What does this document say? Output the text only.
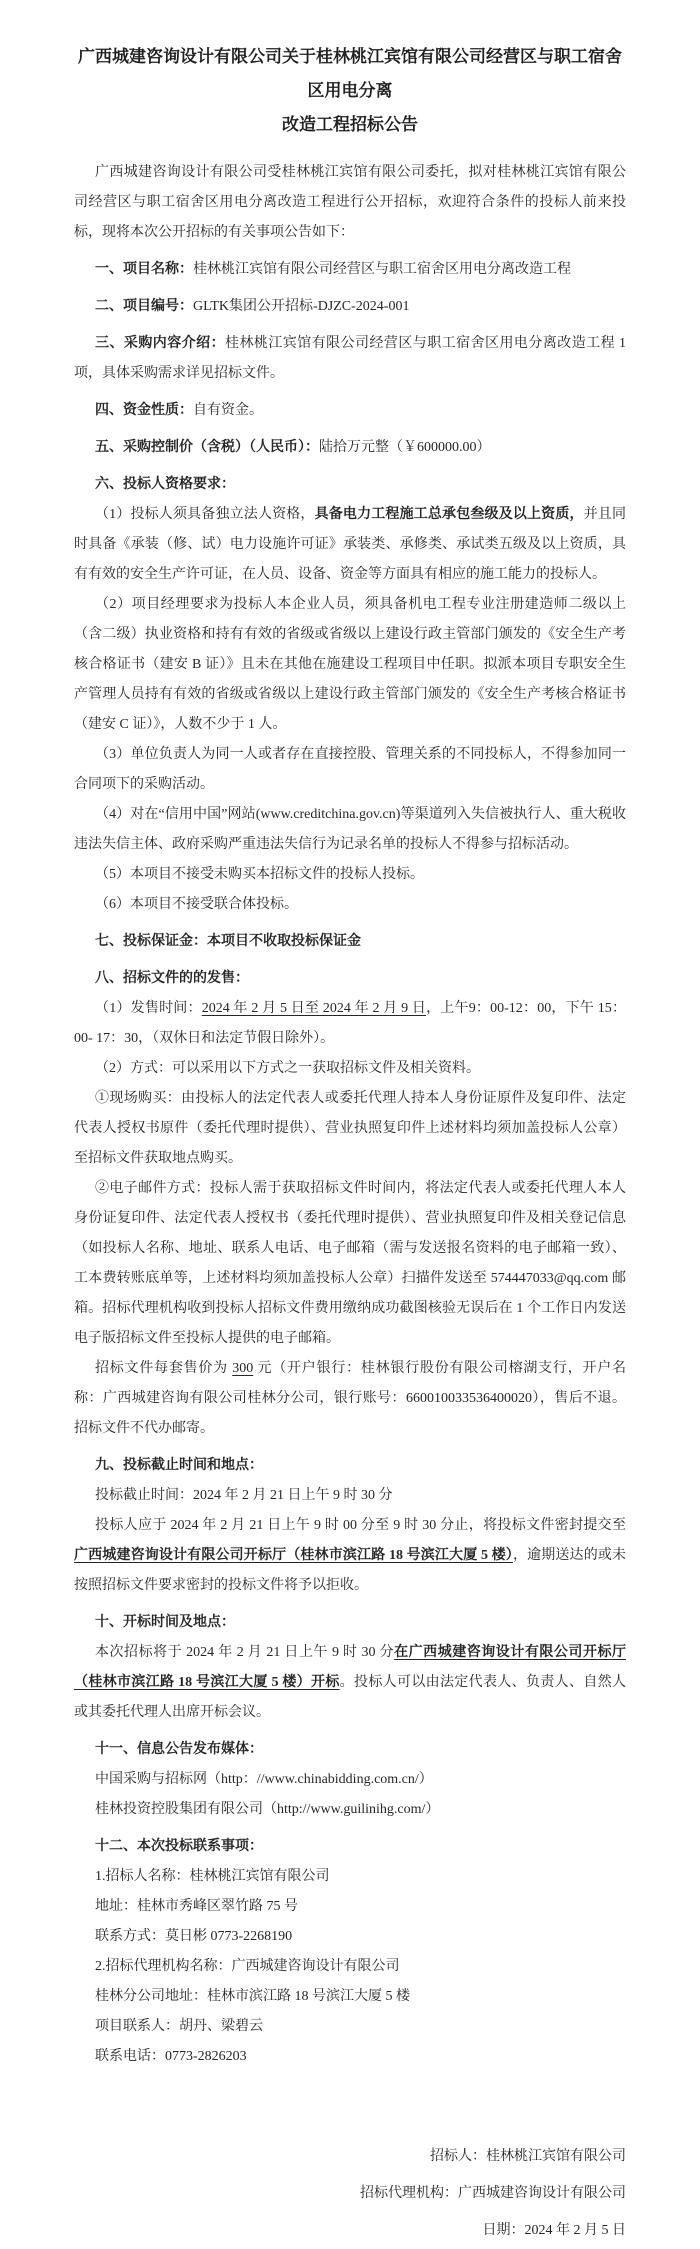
广西城建咨询设计有限公司关于桂林桃江宾馆有限公司经营区与职工宿舍区用电分离
改造工程招标公告
广西城建咨询设计有限公司受桂林桃江宾馆有限公司委托，拟对桂林桃江宾馆有限公司经营区与职工宿舍区用电分离改造工程进行公开招标，欢迎符合条件的投标人前来投标，现将本次公开招标的有关事项公告如下：
一、项目名称：桂林桃江宾馆有限公司经营区与职工宿舍区用电分离改造工程
二、项目编号：GLTK集团公开招标-DJZC-2024-001
三、采购内容介绍：桂林桃江宾馆有限公司经营区与职工宿舍区用电分离改造工程 1 项，具体采购需求详见招标文件。
四、资金性质：自有资金。
五、采购控制价（含税）（人民币）：陆拾万元整（￥600000.00）
六、投标人资格要求：
（1）投标人须具备独立法人资格，具备电力工程施工总承包叁级及以上资质，并且同时具备《承装（修、试）电力设施许可证》承装类、承修类、承试类五级及以上资质，具有有效的安全生产许可证，在人员、设备、资金等方面具有相应的施工能力的投标人。
（2）项目经理要求为投标人本企业人员，须具备机电工程专业注册建造师二级以上（含二级）执业资格和持有有效的省级或省级以上建设行政主管部门颁发的《安全生产考核合格证书（建安 B 证）》且未在其他在施建设工程项目中任职。拟派本项目专职安全生产管理人员持有有效的省级或省级以上建设行政主管部门颁发的《安全生产考核合格证书（建安 C 证）》，人数不少于 1 人。
（3）单位负责人为同一人或者存在直接控股、管理关系的不同投标人，不得参加同一合同项下的采购活动。
（4）对在“信用中国”网站(www.creditchina.gov.cn)等渠道列入失信被执行人、重大税收违法失信主体、政府采购严重违法失信行为记录名单的投标人不得参与招标活动。
（5）本项目不接受未购买本招标文件的投标人投标。
（6）本项目不接受联合体投标。
七、投标保证金：本项目不收取投标保证金
八、招标文件的的发售：
（1）发售时间：2024 年 2 月 5 日至 2024 年 2 月 9 日，上午9：00-12：00，下午 15：00- 17：30，（双休日和法定节假日除外）。
（2）方式：可以采用以下方式之一获取招标文件及相关资料。
①现场购买：由投标人的法定代表人或委托代理人持本人身份证原件及复印件、法定代表人授权书原件（委托代理时提供）、营业执照复印件上述材料均须加盖投标人公章）至招标文件获取地点购买。
②电子邮件方式：投标人需于获取招标文件时间内，将法定代表人或委托代理人本人身份证复印件、法定代表人授权书（委托代理时提供）、营业执照复印件及相关登记信息（如投标人名称、地址、联系人电话、电子邮箱（需与发送报名资料的电子邮箱一致）、工本费转账底单等，上述材料均须加盖投标人公章）扫描件发送至 574447033@qq.com 邮箱。招标代理机构收到投标人招标文件费用缴纳成功截图核验无误后在 1 个工作日内发送电子版招标文件至投标人提供的电子邮箱。
招标文件每套售价为 300 元（开户银行：桂林银行股份有限公司榕湖支行，开户名称：广西城建咨询有限公司桂林分公司，银行账号：660010033536400020），售后不退。招标文件不代办邮寄。
九、投标截止时间和地点：
投标截止时间：2024 年 2 月 21 日上午 9 时 30 分
投标人应于 2024 年 2 月 21 日上午 9 时 00 分至 9 时 30 分止，将投标文件密封提交至广西城建咨询设计有限公司开标厅（桂林市滨江路 18 号滨江大厦 5 楼），逾期送达的或未按照招标文件要求密封的投标文件将予以拒收。
十、开标时间及地点：
本次招标将于 2024 年 2 月 21 日上午 9 时 30 分在广西城建咨询设计有限公司开标厅（桂林市滨江路 18 号滨江大厦 5 楼）开标。投标人可以由法定代表人、负责人、自然人或其委托代理人出席开标会议。
十一、信息公告发布媒体：
中国采购与招标网（http：//www.chinabidding.com.cn/）
桂林投资控股集团有限公司（http://www.guilinihg.com/）
十二、本次投标联系事项：
1.招标人名称：桂林桃江宾馆有限公司
地址：桂林市秀峰区翠竹路 75 号
联系方式：莫日彬 0773-2268190
2.招标代理机构名称：广西城建咨询设计有限公司
桂林分公司地址：桂林市滨江路 18 号滨江大厦 5 楼
项目联系人：胡丹、梁碧云
联系电话：0773-2826203
招标人：桂林桃江宾馆有限公司
招标代理机构：广西城建咨询设计有限公司
日期：2024 年 2 月 5 日
